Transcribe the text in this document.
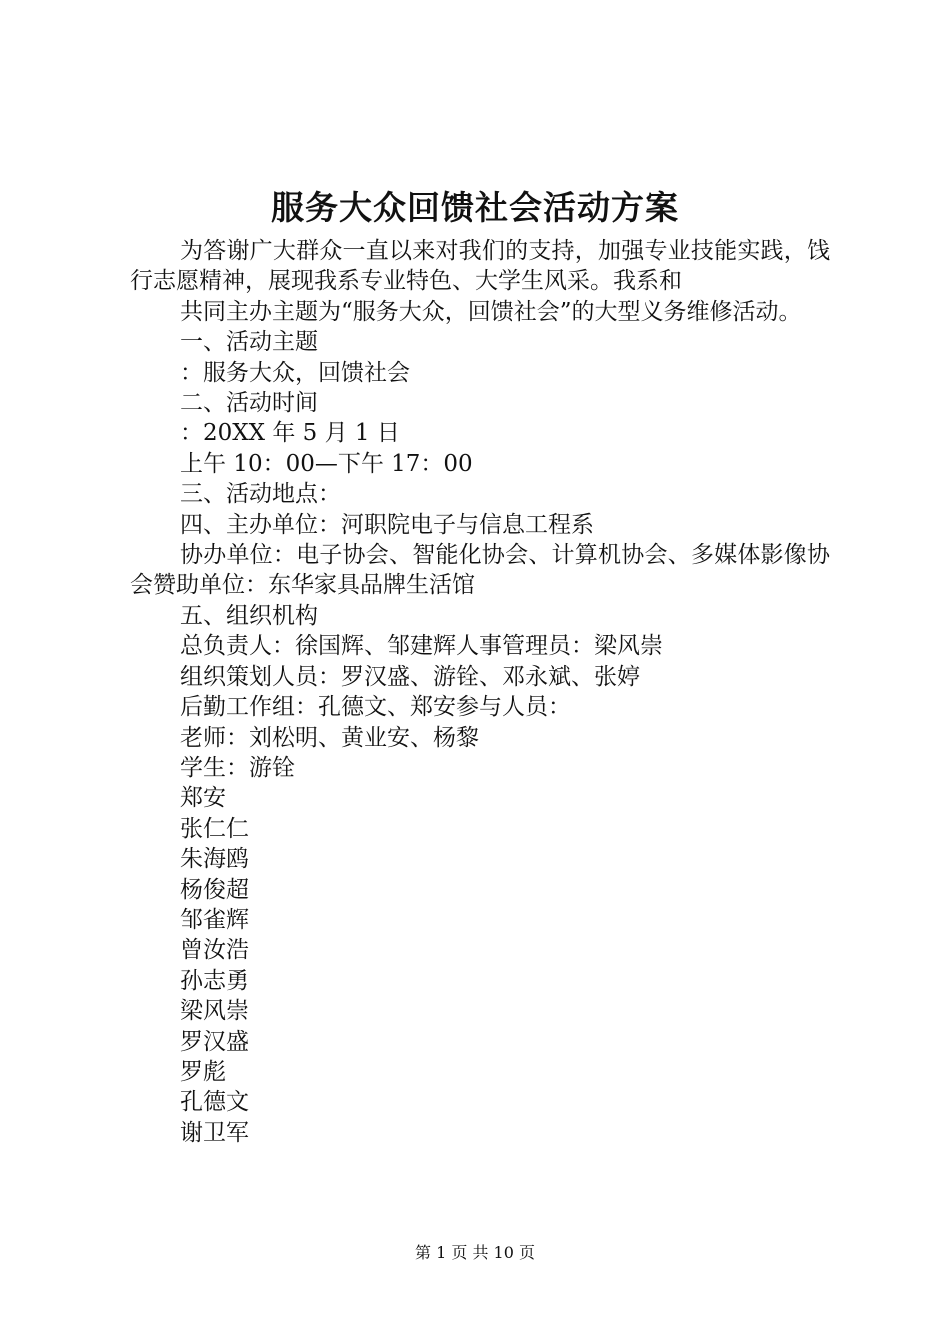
服务大众回馈社会活动方案

为答谢广大群众一直以来对我们的支持，加强专业技能实践，饯行志愿精神，展现我系专业特色、大学生风采。我系和

共同主办主题为“服务大众，回馈社会”的大型义务维修活动。

一、活动主题

：服务大众，回馈社会

二、活动时间

：20XX 年 5 月 1 日

上午 10：00—下午 17：00

三、活动地点：

四、主办单位：河职院电子与信息工程系

协办单位：电子协会、智能化协会、计算机协会、多媒体影像协会赞助单位：东华家具品牌生活馆

五、组织机构

总负责人：徐国辉、邹建辉人事管理员：梁风崇

组织策划人员：罗汉盛、游铨、邓永斌、张婷

后勤工作组：孔德文、郑安参与人员：

老师：刘松明、黄业安、杨黎

学生：游铨

郑安

张仁仁

朱海鸥

杨俊超

邹雀辉

曾汝浩

孙志勇

梁风崇

罗汉盛

罗彪

孔德文

谢卫军

第 1 页 共 10 页
